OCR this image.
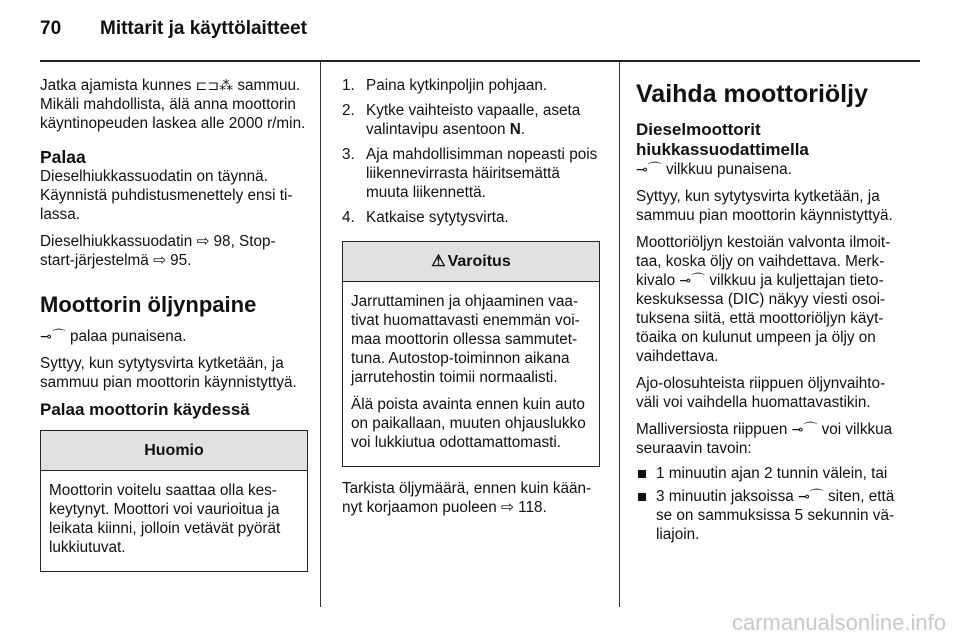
70 Mittarit ja käyttölaitteet

Jatka ajamista kunnes ⊏⊐⁂ sammuu. Mikäli mahdollista, älä anna moottorin käyntinopeuden laskea alle 2000 r/min.

Palaa

Dieselhiukkassuodatin on täynnä. Käynnistä puhdistusmenettely ensi tilassa.

Dieselhiukkassuodatin ⇨ 98, Stop-start-järjestelmä ⇨ 95.

Moottorin öljynpaine

⊸⌒ palaa punaisena.

Syttyy, kun sytytysvirta kytketään, ja sammuu pian moottorin käynnistyttyä.

Palaa moottorin käydessä
Huomio

Moottorin voitelu saattaa olla keskeytynyt. Moottori voi vaurioitua ja leikata kiinni, jolloin vetävät pyörät lukkiutuvat.

1. Paina kytkinpoljin pohjaan.
2. Kytke vaihteisto vapaalle, aseta valintavipu asentoon N.
3. Aja mahdollisimman nopeasti pois liikennevirrasta häiritsemättä muuta liikennettä.
4. Katkaise sytytysvirta.
⚠ Varoitus

Jarruttaminen ja ohjaaminen vaativat huomattavasti enemmän voimaa moottorin ollessa sammutettuna. Autostop-toiminnon aikana jarrutehostin toimii normaalisti.

Älä poista avainta ennen kuin auto on paikallaan, muuten ohjauslukko voi lukkiutua odottamattomasti.

Tarkista öljymäärä, ennen kuin käännyt korjaamon puoleen ⇨ 118.

Vaihda moottoriöljy
Dieselmoottorit hiukkassuodattimella

⊸⌒ vilkkuu punaisena.

Syttyy, kun sytytysvirta kytketään, ja sammuu pian moottorin käynnistyttyä.

Moottoriöljyn kestoiän valvonta ilmoittaa, koska öljy on vaihdettava. Merkkivalo ⊸⌒ vilkkuu ja kuljettajan tietokeskuksessa (DIC) näkyy viesti osoituksena siitä, että moottoriöljyn käyttöaika on kulunut umpeen ja öljy on vaihdettava.

Ajo-olosuhteista riippuen öljynvaihtoväli voi vaihdella huomattavastikin.

Malliversiosta riippuen ⊸⌒ voi vilkkua seuraavin tavoin:

1 minuutin ajan 2 tunnin välein, tai
3 minuutin jaksoissa ⊸⌒ siten, että se on sammuksissa 5 sekunnin väliajoin.
carmanualsonline.info
